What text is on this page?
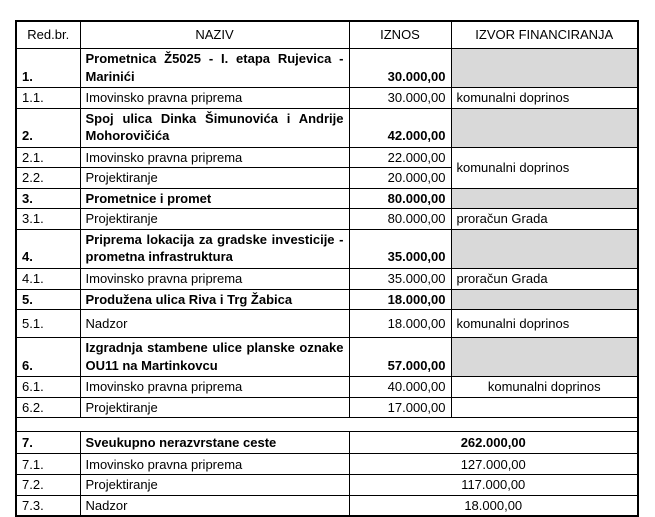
Red.br.	NAZIV	IZNOS	IZVOR FINANCIRANJA
1.	Prometnica Ž5025 - I. etapa Rujevica - Marinići	30.000,00	
1.1.	Imovinsko pravna priprema	30.000,00	komunalni doprinos
2.	Spoj ulica Dinka Šimunovića i Andrije Mohorovičića	42.000,00	
2.1.	Imovinsko pravna priprema	22.000,00	komunalni doprinos
2.2.	Projektiranje	20.000,00	
3.	Prometnice i promet	80.000,00	
3.1.	Projektiranje	80.000,00	proračun Grada
4.	Priprema lokacija za gradske investicije - prometna infrastruktura	35.000,00	
4.1.	Imovinsko pravna priprema	35.000,00	proračun Grada
5.	Produžena ulica Riva i Trg Žabica	18.000,00	
5.1.	Nadzor	18.000,00	komunalni doprinos
6.	Izgradnja stambene ulice planske oznake OU11 na Martinkovcu	57.000,00	
6.1.	Imovinsko pravna priprema	40.000,00	komunalni doprinos
6.2.	Projektiranje	17.000,00	

7.	Sveukupno nerazvrstane ceste	262.000,00	
7.1.	Imovinsko pravna priprema	127.000,00	
7.2.	Projektiranje	117.000,00	
7.3.	Nadzor	18.000,00	
